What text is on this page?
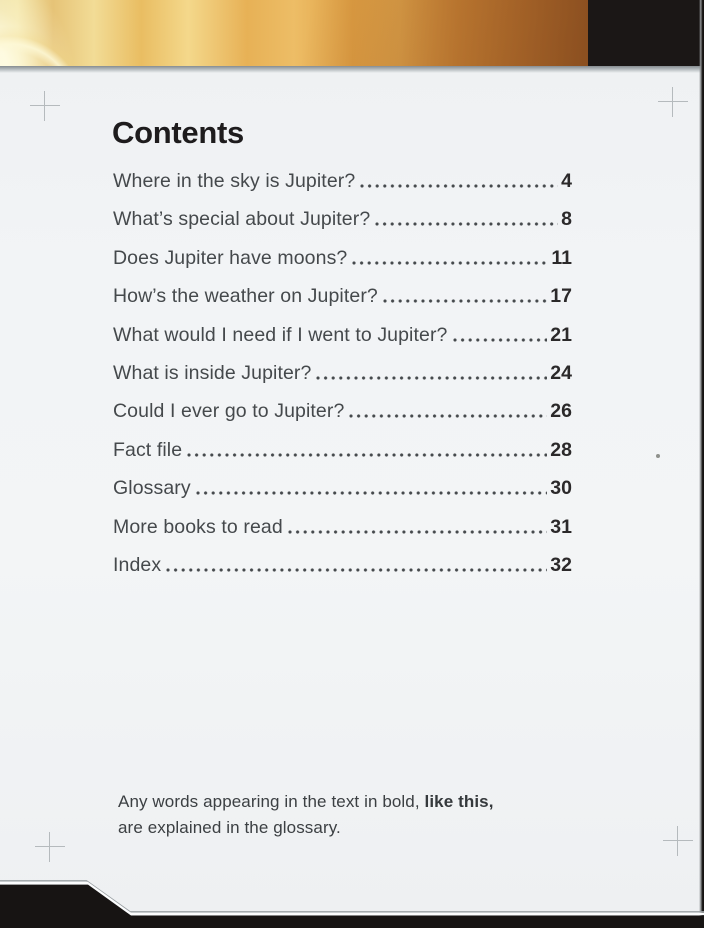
Contents
Where in the sky is Jupiter?	4
What’s special about Jupiter?	8
Does Jupiter have moons?	11
How’s the weather on Jupiter?	17
What would I need if I went to Jupiter?	21
What is inside Jupiter?	24
Could I ever go to Jupiter?	26
Fact file	28
Glossary	30
More books to read	31
Index	32
Any words appearing in the text in bold, like this,
are explained in the glossary.
